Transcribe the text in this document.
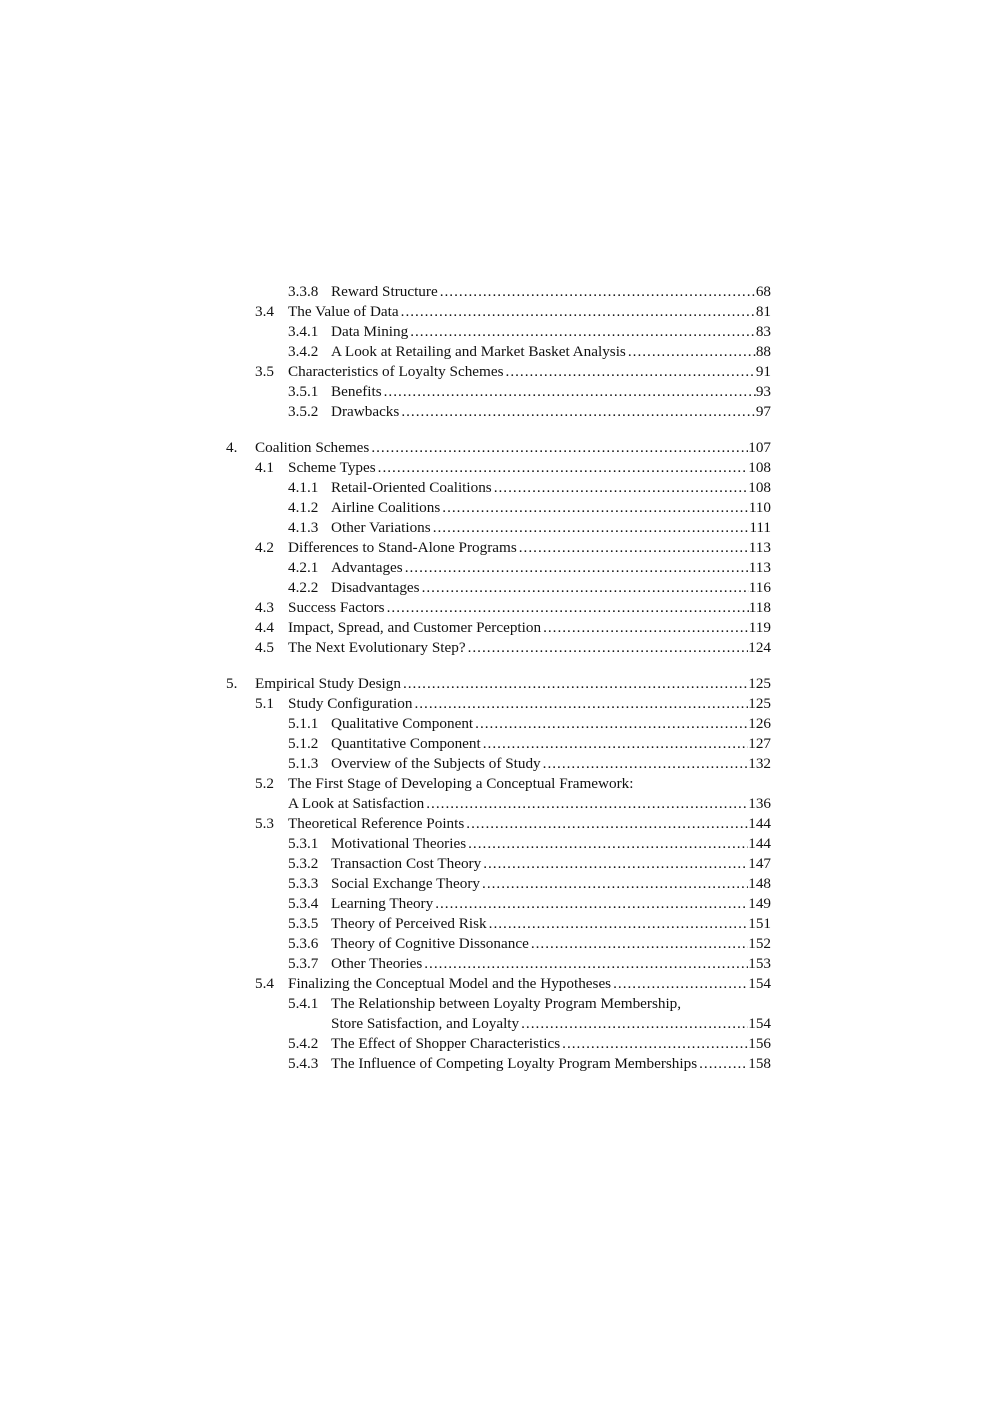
3.3.8 Reward Structure .....	68
3.4 The Value of Data .....	81
3.4.1 Data Mining .....	83
3.4.2 A Look at Retailing and Market Basket Analysis .....	88
3.5 Characteristics of Loyalty Schemes .....	91
3.5.1 Benefits .....	93
3.5.2 Drawbacks .....	97
4. Coalition Schemes .....	107
4.1 Scheme Types .....	108
4.1.1 Retail-Oriented Coalitions .....	108
4.1.2 Airline Coalitions .....	110
4.1.3 Other Variations .....	111
4.2 Differences to Stand-Alone Programs .....	113
4.2.1 Advantages .....	113
4.2.2 Disadvantages .....	116
4.3 Success Factors .....	118
4.4 Impact, Spread, and Customer Perception .....	119
4.5 The Next Evolutionary Step? .....	124
5. Empirical Study Design .....	125
5.1 Study Configuration .....	125
5.1.1 Qualitative Component .....	126
5.1.2 Quantitative Component .....	127
5.1.3 Overview of the Subjects of Study .....	132
5.2 The First Stage of Developing a Conceptual Framework:
A Look at Satisfaction .....	136
5.3 Theoretical Reference Points .....	144
5.3.1 Motivational Theories .....	144
5.3.2 Transaction Cost Theory .....	147
5.3.3 Social Exchange Theory .....	148
5.3.4 Learning Theory .....	149
5.3.5 Theory of Perceived Risk .....	151
5.3.6 Theory of Cognitive Dissonance .....	152
5.3.7 Other Theories .....	153
5.4 Finalizing the Conceptual Model and the Hypotheses .....	154
5.4.1 The Relationship between Loyalty Program Membership,
Store Satisfaction, and Loyalty .....	154
5.4.2 The Effect of Shopper Characteristics .....	156
5.4.3 The Influence of Competing Loyalty Program Memberships .....	158
